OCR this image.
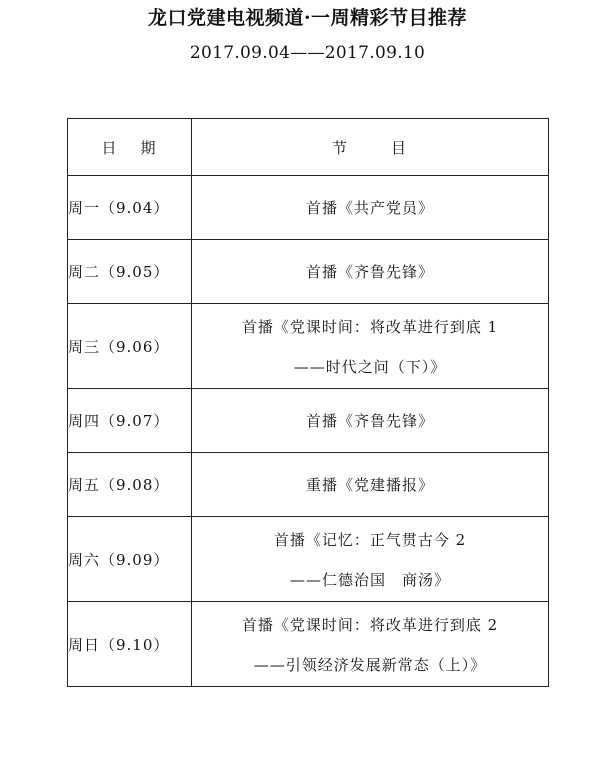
龙口党建电视频道·一周精彩节目推荐
2017.09.04——2017.09.10
日 期	节 目
周一（9.04）	首播《共产党员》

周二（9.05）	首播《齐鲁先锋》

周三（9.06）	首播《党课时间：将改革进行到底 1
——时代之问（下）》

周四（9.07）	首播《齐鲁先锋》

周五（9.08）	重播《党建播报》

周六（9.09）	首播《记忆：正气贯古今 2
——仁德治国　商汤》

周日（9.10）	首播《党课时间：将改革进行到底 2
——引领经济发展新常态（上）》
